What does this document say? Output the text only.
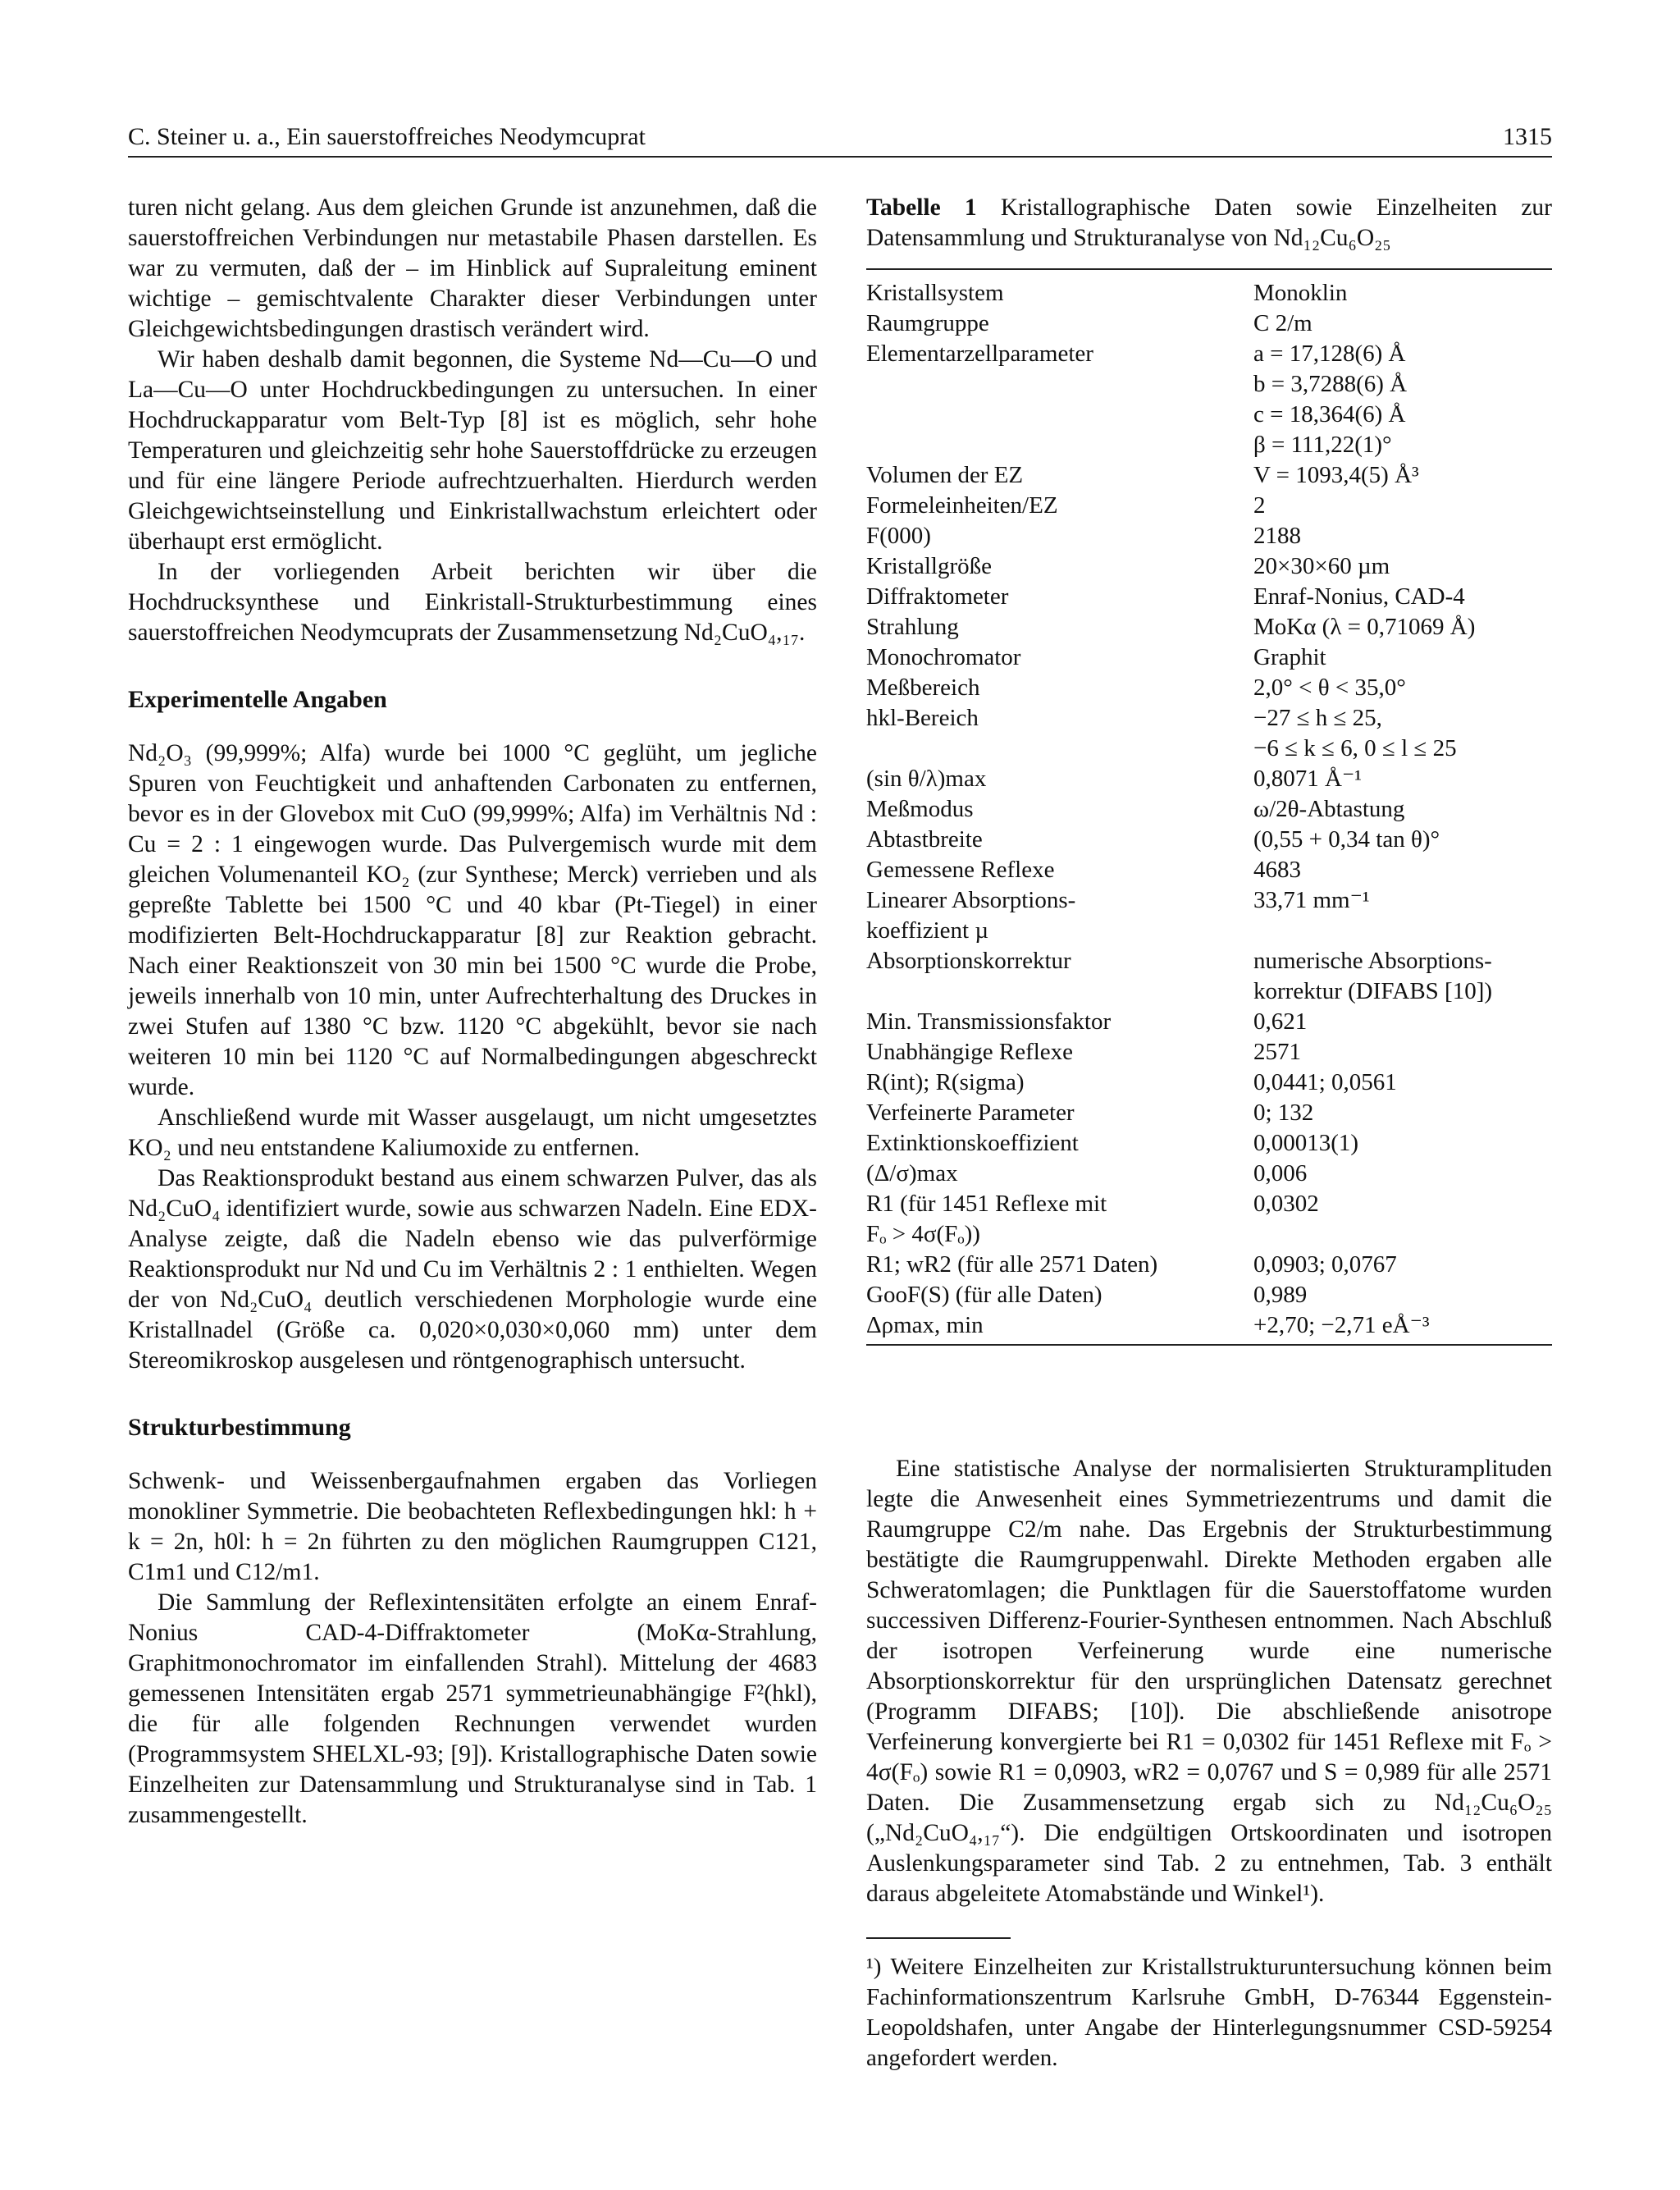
C. Steiner u. a., Ein sauerstoffreiches Neodymcuprat	1315

turen nicht gelang. Aus dem gleichen Grunde ist anzunehmen, daß die sauerstoffreichen Verbindungen nur metastabile Phasen darstellen. Es war zu vermuten, daß der – im Hinblick auf Supraleitung eminent wichtige – gemischtvalente Charakter dieser Verbindungen unter Gleichgewichtsbedingungen drastisch verändert wird.

Wir haben deshalb damit begonnen, die Systeme Nd—Cu—O und La—Cu—O unter Hochdruckbedingungen zu untersuchen. In einer Hochdruckapparatur vom Belt-Typ [8] ist es möglich, sehr hohe Temperaturen und gleichzeitig sehr hohe Sauerstoffdrücke zu erzeugen und für eine längere Periode aufrechtzuerhalten. Hierdurch werden Gleichgewichtseinstellung und Einkristallwachstum erleichtert oder überhaupt erst ermöglicht.

In der vorliegenden Arbeit berichten wir über die Hochdrucksynthese und Einkristall-Strukturbestimmung eines sauerstoffreichen Neodymcuprats der Zusammensetzung Nd₂CuO₄,₁₇.

Experimentelle Angaben

Nd₂O₃ (99,999%; Alfa) wurde bei 1000 °C geglüht, um jegliche Spuren von Feuchtigkeit und anhaftenden Carbonaten zu entfernen, bevor es in der Glovebox mit CuO (99,999%; Alfa) im Verhältnis Nd : Cu = 2 : 1 eingewogen wurde. Das Pulvergemisch wurde mit dem gleichen Volumenanteil KO₂ (zur Synthese; Merck) verrieben und als gepreßte Tablette bei 1500 °C und 40 kbar (Pt-Tiegel) in einer modifizierten Belt-Hochdruckapparatur [8] zur Reaktion gebracht. Nach einer Reaktionszeit von 30 min bei 1500 °C wurde die Probe, jeweils innerhalb von 10 min, unter Aufrechterhaltung des Druckes in zwei Stufen auf 1380 °C bzw. 1120 °C abgekühlt, bevor sie nach weiteren 10 min bei 1120 °C auf Normalbedingungen abgeschreckt wurde.

Anschließend wurde mit Wasser ausgelaugt, um nicht umgesetztes KO₂ und neu entstandene Kaliumoxide zu entfernen.

Das Reaktionsprodukt bestand aus einem schwarzen Pulver, das als Nd₂CuO₄ identifiziert wurde, sowie aus schwarzen Nadeln. Eine EDX-Analyse zeigte, daß die Nadeln ebenso wie das pulverförmige Reaktionsprodukt nur Nd und Cu im Verhältnis 2 : 1 enthielten. Wegen der von Nd₂CuO₄ deutlich verschiedenen Morphologie wurde eine Kristallnadel (Größe ca. 0,020×0,030×0,060 mm) unter dem Stereomikroskop ausgelesen und röntgenographisch untersucht.

Strukturbestimmung

Schwenk- und Weissenbergaufnahmen ergaben das Vorliegen monokliner Symmetrie. Die beobachteten Reflexbedingungen hkl: h + k = 2n, h0l: h = 2n führten zu den möglichen Raumgruppen C121, C1m1 und C12/m1.

Die Sammlung der Reflexintensitäten erfolgte an einem Enraf-Nonius CAD-4-Diffraktometer (MoKα-Strahlung, Graphitmonochromator im einfallenden Strahl). Mittelung der 4683 gemessenen Intensitäten ergab 2571 symmetrieunabhängige F²(hkl), die für alle folgenden Rechnungen verwendet wurden (Programmsystem SHELXL-93; [9]). Kristallographische Daten sowie Einzelheiten zur Datensammlung und Strukturanalyse sind in Tab. 1 zusammengestellt.

Tabelle 1 Kristallographische Daten sowie Einzelheiten zur Datensammlung und Strukturanalyse von Nd₁₂Cu₆O₂₅
Kristallsystem	Monoklin
Raumgruppe	C 2/m
Elementarzellparameter	a = 17,128(6) Å
b = 3,7288(6) Å
c = 18,364(6) Å
β = 111,22(1)°
Volumen der EZ	V = 1093,4(5) Å³
Formeleinheiten/EZ	2
F(000)	2188
Kristallgröße	20×30×60 µm
Diffraktometer	Enraf-Nonius, CAD-4
Strahlung	MoKα (λ = 0,71069 Å)
Monochromator	Graphit
Meßbereich	2,0° < θ < 35,0°
hkl-Bereich	−27 ≤ h ≤ 25,
−6 ≤ k ≤ 6, 0 ≤ l ≤ 25
(sin θ/λ)max	0,8071 Å⁻¹
Meßmodus	ω/2θ-Abtastung
Abtastbreite	(0,55 + 0,34 tan θ)°
Gemessene Reflexe	4683
Linearer Absorptions-	33,71 mm⁻¹
koeffizient µ
Absorptionskorrektur	numerische Absorptions-
korrektur (DIFABS [10])
Min. Transmissionsfaktor	0,621
Unabhängige Reflexe	2571
R(int); R(sigma)	0,0441; 0,0561
Verfeinerte Parameter	0; 132
Extinktionskoeffizient	0,00013(1)
(Δ/σ)max	0,006
R1 (für 1451 Reflexe mit	0,0302
Fₒ > 4σ(Fₒ))
R1; wR2 (für alle 2571 Daten)	0,0903; 0,0767
GooF(S) (für alle Daten)	0,989
Δρmax, min	+2,70; −2,71 eÅ⁻³

Eine statistische Analyse der normalisierten Strukturamplituden legte die Anwesenheit eines Symmetriezentrums und damit die Raumgruppe C2/m nahe. Das Ergebnis der Strukturbestimmung bestätigte die Raumgruppenwahl. Direkte Methoden ergaben alle Schweratomlagen; die Punktlagen für die Sauerstoffatome wurden successiven Differenz-Fourier-Synthesen entnommen. Nach Abschluß der isotropen Verfeinerung wurde eine numerische Absorptionskorrektur für den ursprünglichen Datensatz gerechnet (Programm DIFABS; [10]). Die abschließende anisotrope Verfeinerung konvergierte bei R1 = 0,0302 für 1451 Reflexe mit Fₒ > 4σ(Fₒ) sowie R1 = 0,0903, wR2 = 0,0767 und S = 0,989 für alle 2571 Daten. Die Zusammensetzung ergab sich zu Nd₁₂Cu₆O₂₅ („Nd₂CuO₄,₁₇“). Die endgültigen Ortskoordinaten und isotropen Auslenkungsparameter sind Tab. 2 zu entnehmen, Tab. 3 enthält daraus abgeleitete Atomabstände und Winkel¹).

¹) Weitere Einzelheiten zur Kristallstrukturuntersuchung können beim Fachinformationszentrum Karlsruhe GmbH, D-76344 Eggenstein-Leopoldshafen, unter Angabe der Hinterlegungsnummer CSD-59254 angefordert werden.
